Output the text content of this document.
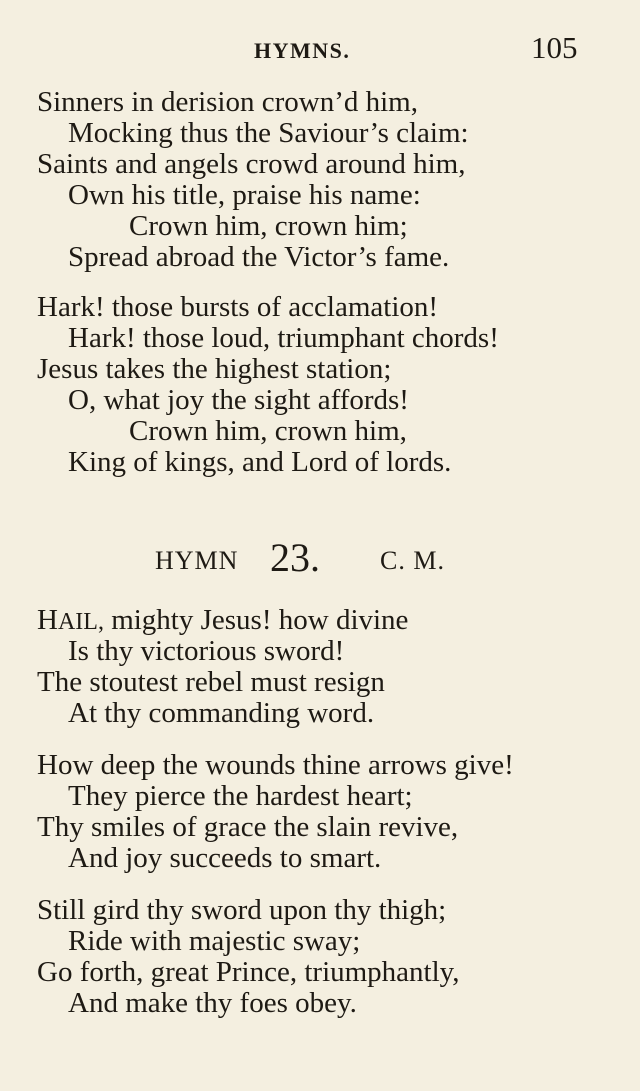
HYMNS.	105
Sinners in derision crown’d him,
Mocking thus the Saviour’s claim:
Saints and angels crowd around him,
Own his title, praise his name:
Crown him, crown him;
Spread abroad the Victor’s fame.
Hark! those bursts of acclamation!
Hark! those loud, triumphant chords!
Jesus takes the highest station;
O, what joy the sight affords!
Crown him, crown him,
King of kings, and Lord of lords.
HYMN 23. C. M.
HAIL, mighty Jesus! how divine
Is thy victorious sword!
The stoutest rebel must resign
At thy commanding word.
How deep the wounds thine arrows give!
They pierce the hardest heart;
Thy smiles of grace the slain revive,
And joy succeeds to smart.
Still gird thy sword upon thy thigh;
Ride with majestic sway;
Go forth, great Prince, triumphantly,
And make thy foes obey.
